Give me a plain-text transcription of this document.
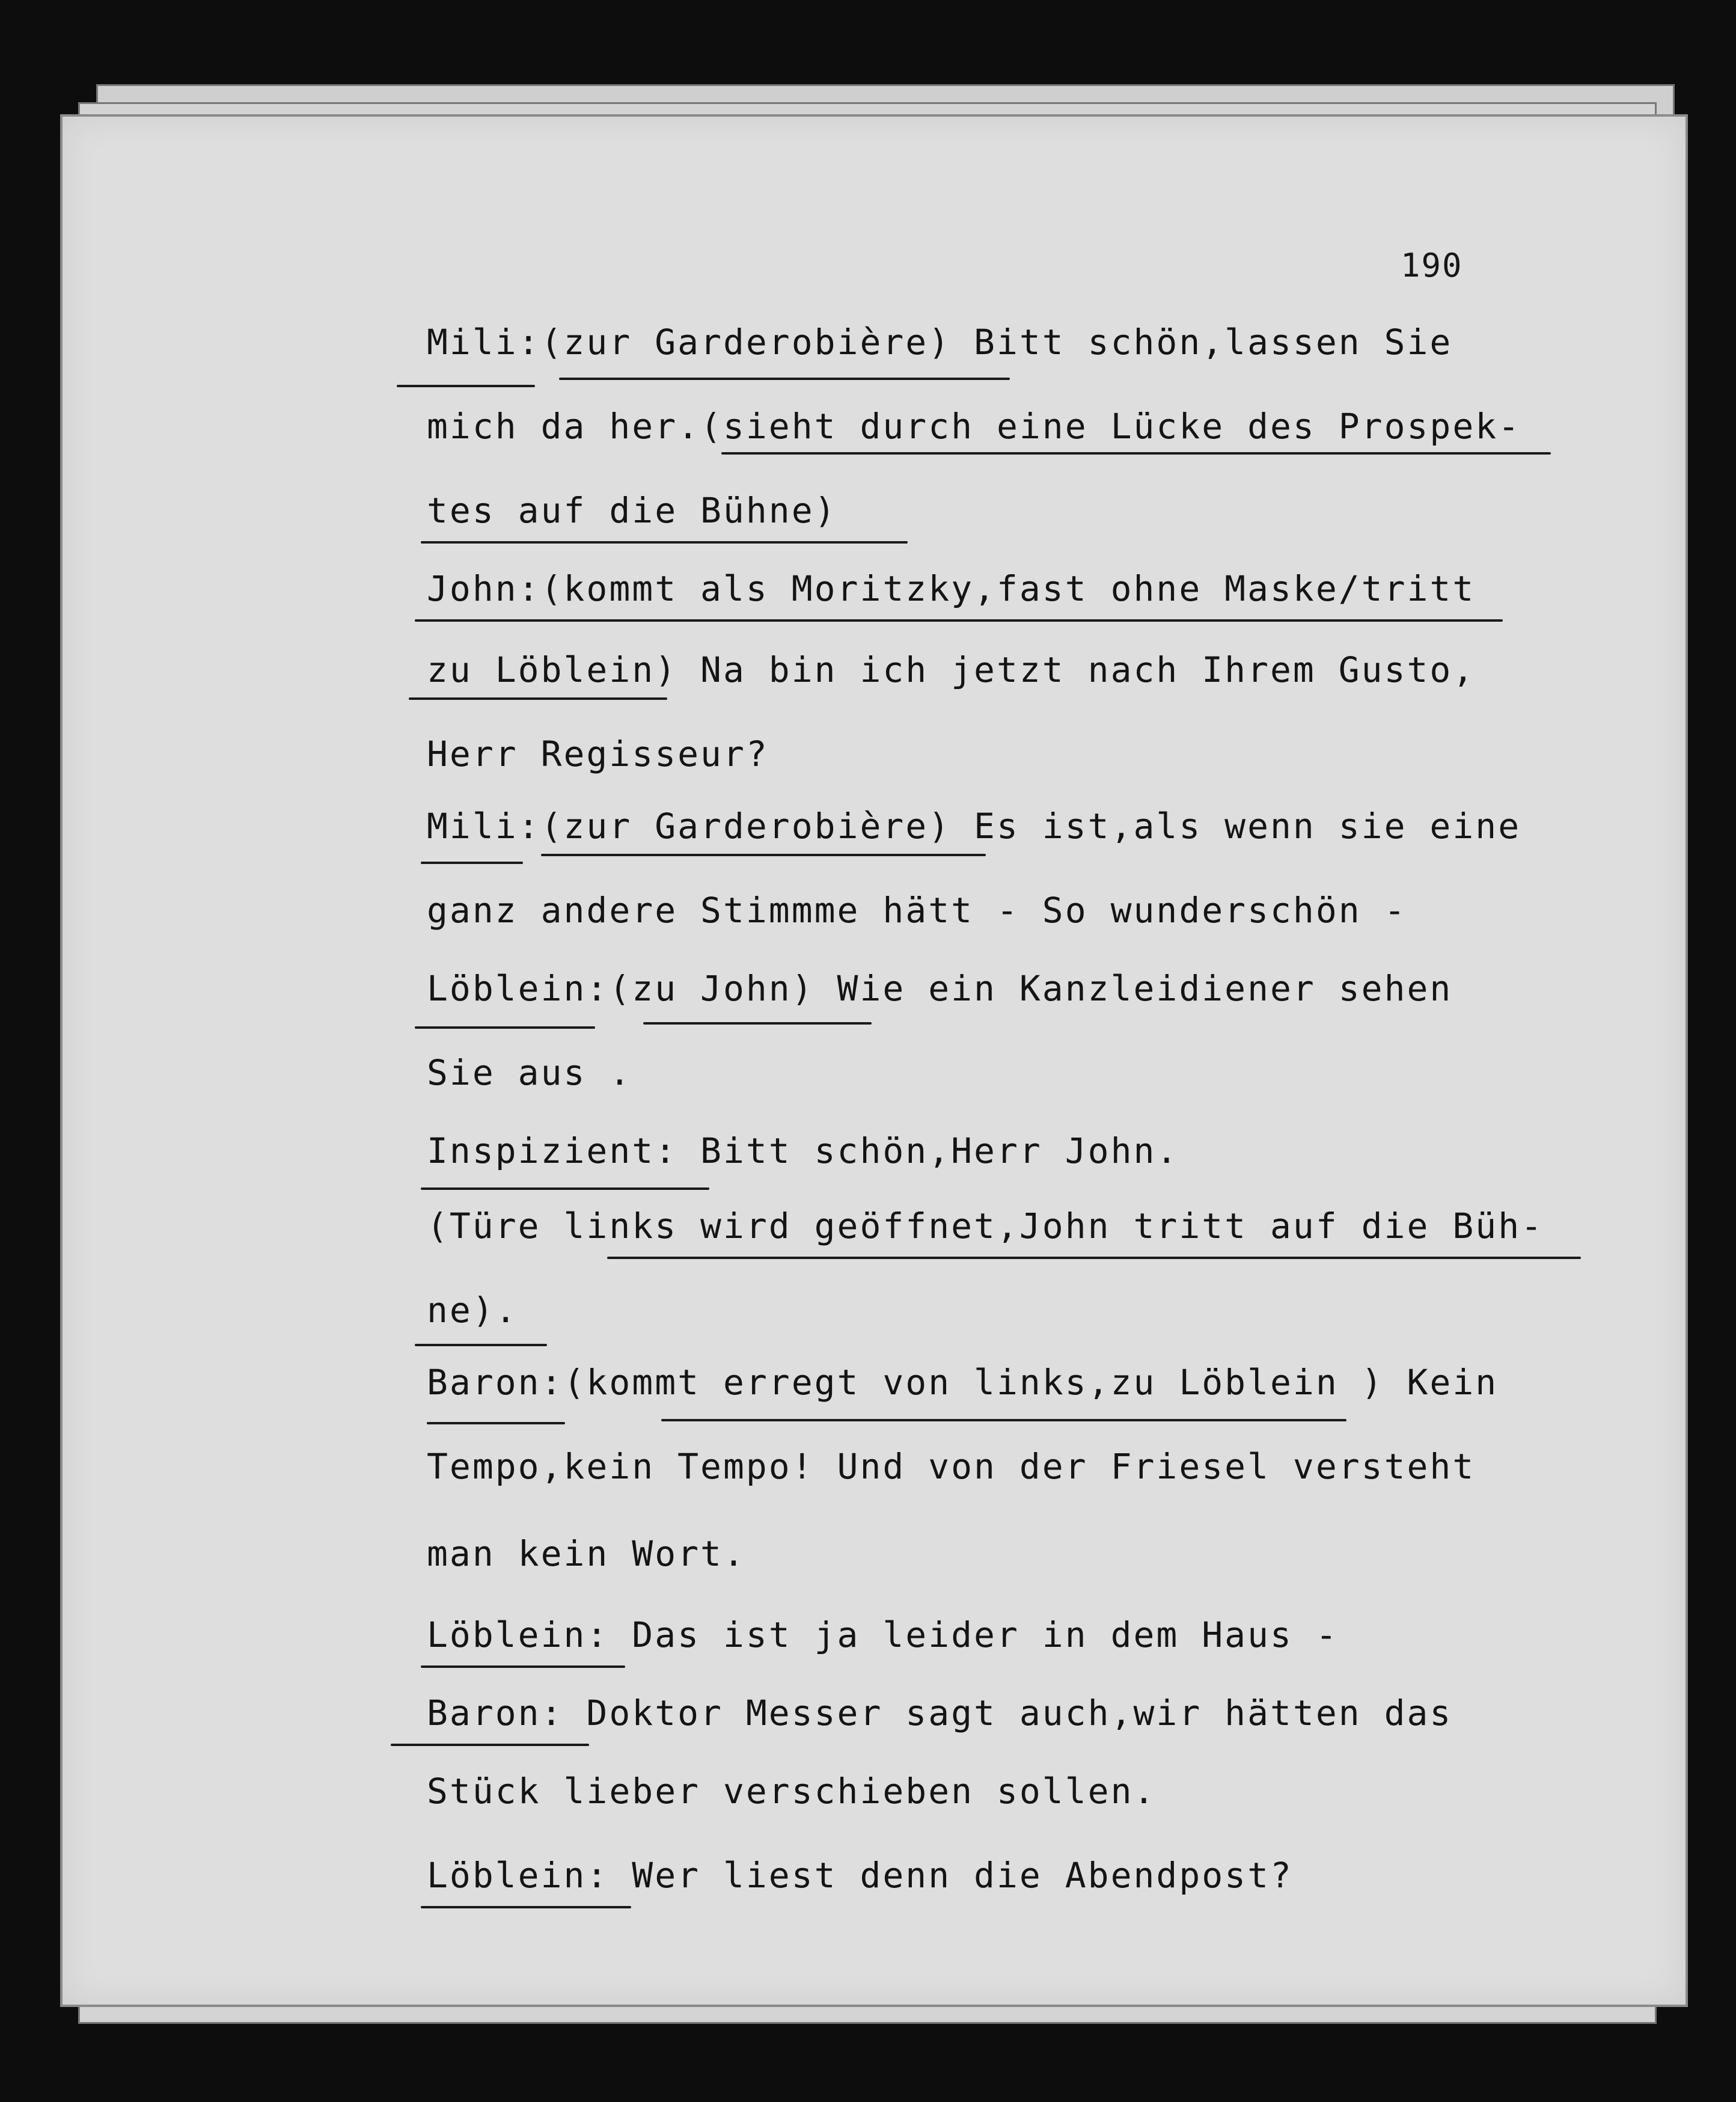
190
Mili:(zur Garderobière) Bitt schön,lassen Sie
mich da her.(sieht durch eine Lücke des Prospek-
tes auf die Bühne)
John:(kommt als Moritzky,fast ohne Maske/tritt
zu Löblein) Na bin ich jetzt nach Ihrem Gusto,
Herr Regisseur?
Mili:(zur Garderobière) Es ist,als wenn sie eine
ganz andere Stimmme hätt - So wunderschön -
Löblein:(zu John) Wie ein Kanzleidiener sehen
Sie aus .
Inspizient: Bitt schön,Herr John.
(Türe links wird geöffnet,John tritt auf die Büh-
ne).
Baron:(kommt erregt von links,zu Löblein ) Kein
Tempo,kein Tempo! Und von der Friesel versteht
man kein Wort.
Löblein: Das ist ja leider in dem Haus -
Baron: Doktor Messer sagt auch,wir hätten das
Stück lieber verschieben sollen.
Löblein: Wer liest denn die Abendpost?
